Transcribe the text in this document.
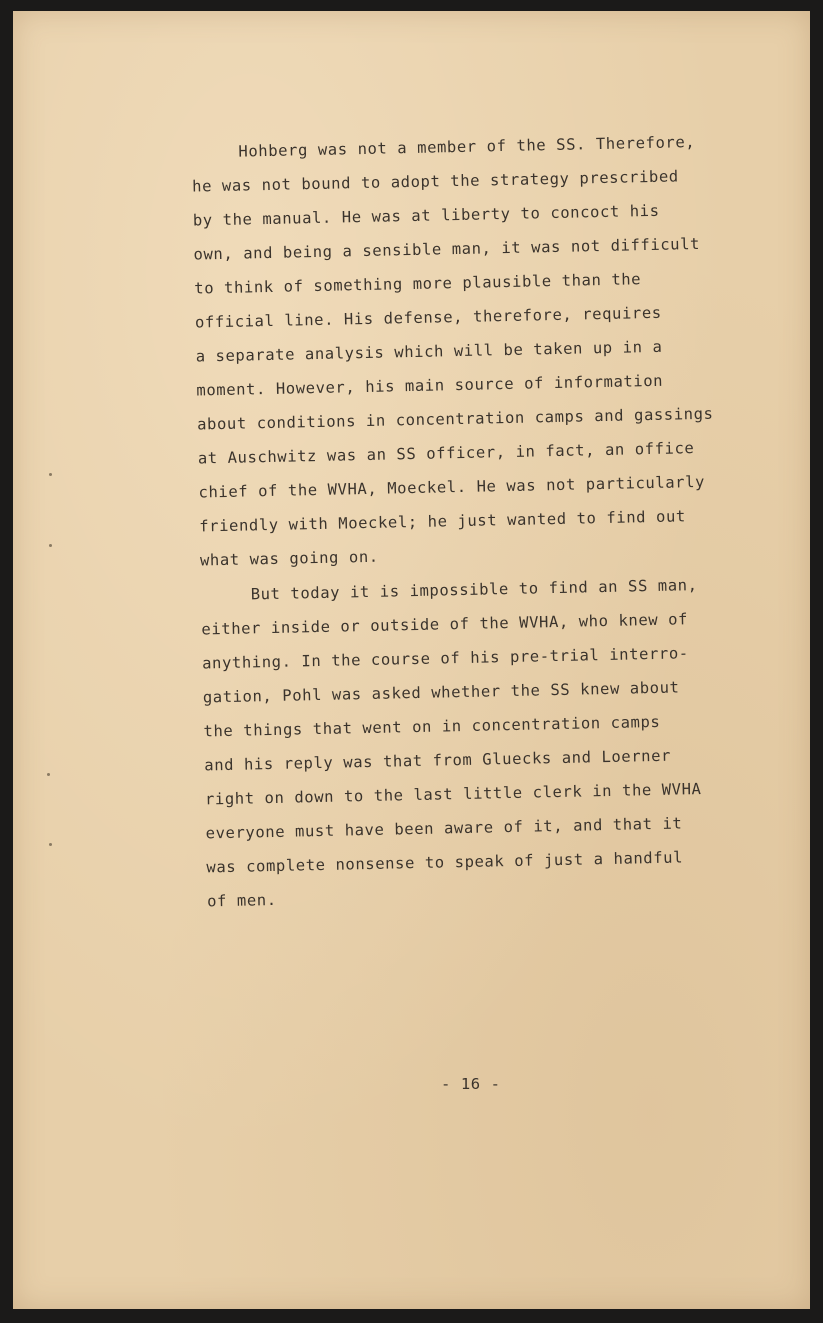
Hohberg was not a member of the SS. Therefore,
he was not bound to adopt the strategy prescribed
by the manual. He was at liberty to concoct his
own, and being a sensible man, it was not difficult
to think of something more plausible than the
official line. His defense, therefore, requires
a separate analysis which will be taken up in a
moment. However, his main source of information
about conditions in concentration camps and gassings
at Auschwitz was an SS officer, in fact, an office
chief of the WVHA, Moeckel. He was not particularly
friendly with Moeckel; he just wanted to find out
what was going on.
But today it is impossible to find an SS man,
either inside or outside of the WVHA, who knew of
anything. In the course of his pre-trial interro-
gation, Pohl was asked whether the SS knew about
the things that went on in concentration camps
and his reply was that from Gluecks and Loerner
right on down to the last little clerk in the WVHA
everyone must have been aware of it, and that it
was complete nonsense to speak of just a handful
of men.
- 16 -
